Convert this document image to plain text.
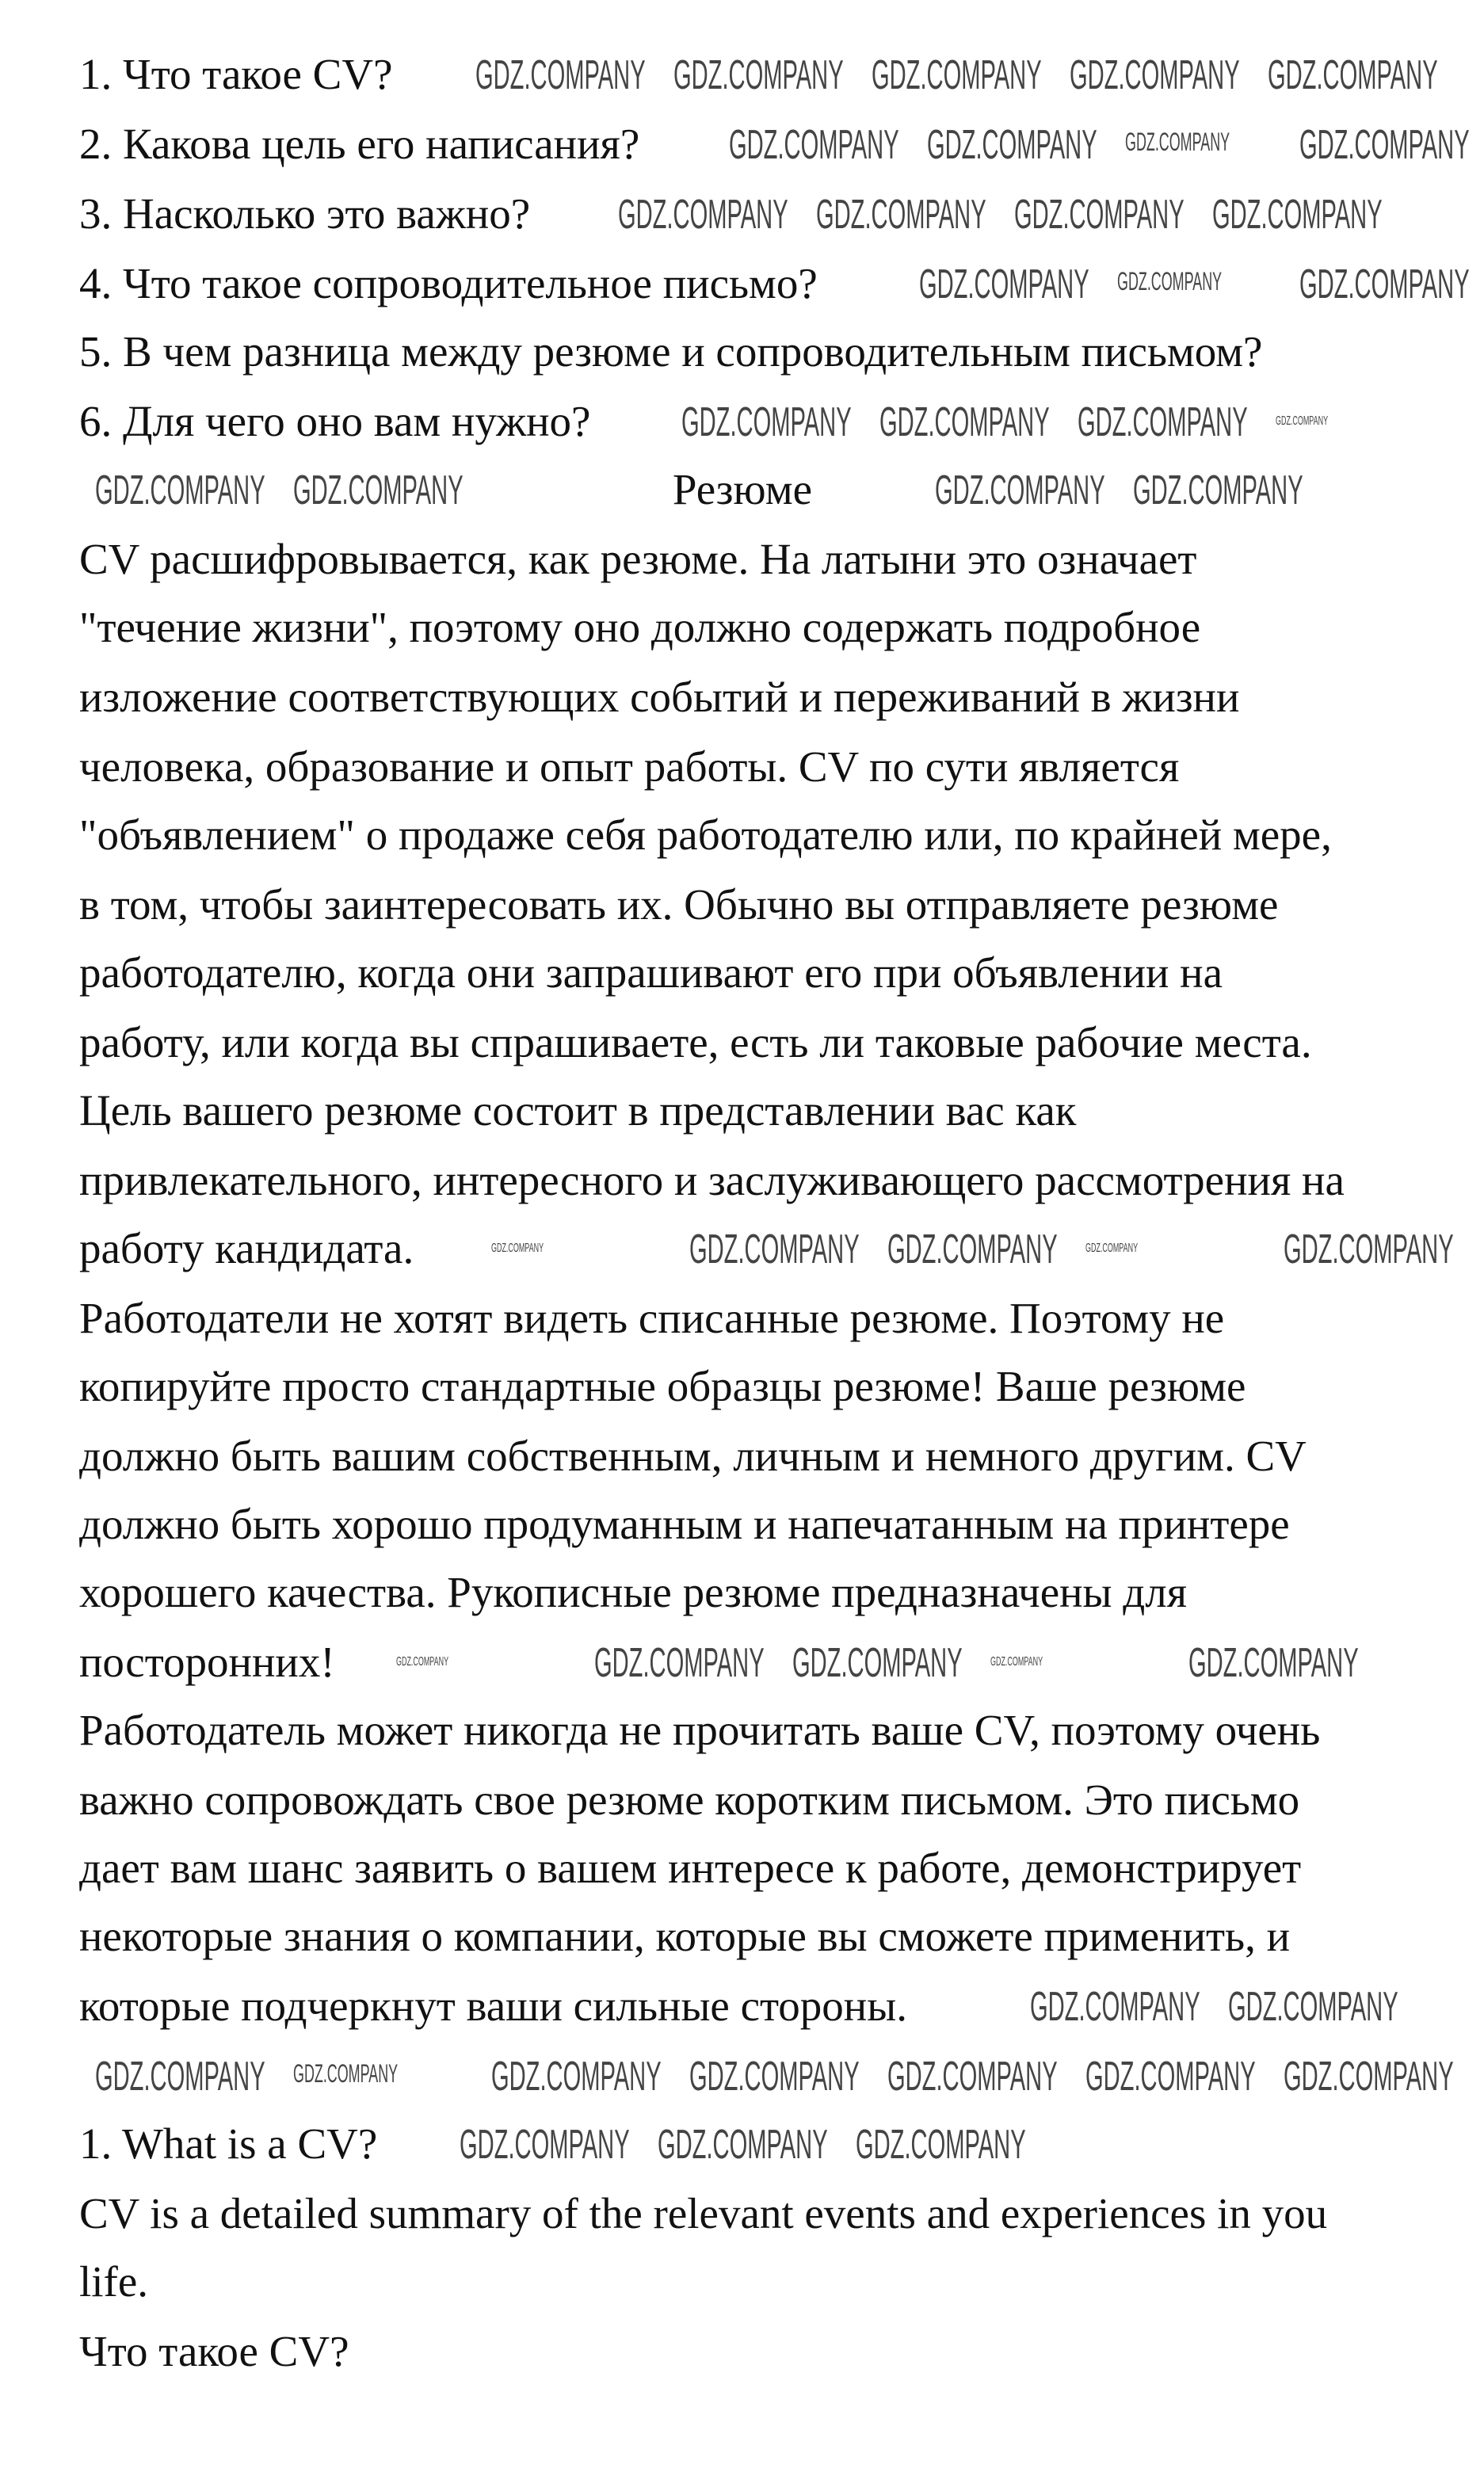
1. Что такое CV?
2. Какова цель его написания?
3. Насколько это важно?
4. Что такое сопроводительное письмо?
5. В чем разница между резюме и сопроводительным письмом?
6. Для чего оно вам нужно?
Резюме
CV расшифровывается, как резюме. На латыни это означает
"течение жизни", поэтому оно должно содержать подробное
изложение соответствующих событий и переживаний в жизни
человека, образование и опыт работы. CV по сути является
"объявлением" о продаже себя работодателю или, по крайней мере,
в том, чтобы заинтересовать их. Обычно вы отправляете резюме
работодателю, когда они запрашивают его при объявлении на
работу, или когда вы спрашиваете, есть ли таковые рабочие места.
Цель вашего резюме состоит в представлении вас как
привлекательного, интересного и заслуживающего рассмотрения на
работу кандидата.
Работодатели не хотят видеть списанные резюме. Поэтому не
копируйте просто стандартные образцы резюме! Ваше резюме
должно быть вашим собственным, личным и немного другим. CV
должно быть хорошо продуманным и напечатанным на принтере
хорошего качества. Рукописные резюме предназначены для
посторонних!
Работодатель может никогда не прочитать ваше CV, поэтому очень
важно сопровождать свое резюме коротким письмом. Это письмо
дает вам шанс заявить о вашем интересе к работе, демонстрирует
некоторые знания о компании, которые вы сможете применить, и
которые подчеркнут ваши сильные стороны.
1. What is a CV?
CV is a detailed summary of the relevant events and experiences in you
life.
Что такое CV?
GDZ.COMPANY GDZ.COMPANY GDZ.COMPANY GDZ.COMPANY GDZ.COMPANY
GDZ.COMPANY GDZ.COMPANY GDZ.COMPANY	GDZ.COMPANY
GDZ.COMPANY GDZ.COMPANY GDZ.COMPANY GDZ.COMPANY
GDZ.COMPANY GDZ.COMPANY	GDZ.COMPANY
GDZ.COMPANY GDZ.COMPANY GDZ.COMPANY	GDZ.COMPANY
GDZ.COMPANY GDZ.COMPANY	GDZ.COMPANY GDZ.COMPANY
GDZ.COMPANY	GDZ.COMPANY GDZ.COMPANY	GDZ.COMPANY	GDZ.COMPANY
GDZ.COMPANY	GDZ.COMPANY GDZ.COMPANY	GDZ.COMPANY	GDZ.COMPANY
GDZ.COMPANY GDZ.COMPANY
GDZ.COMPANY GDZ.COMPANY	GDZ.COMPANY GDZ.COMPANY GDZ.COMPANY GDZ.COMPANY GDZ.COMPANY
GDZ.COMPANY GDZ.COMPANY GDZ.COMPANY
